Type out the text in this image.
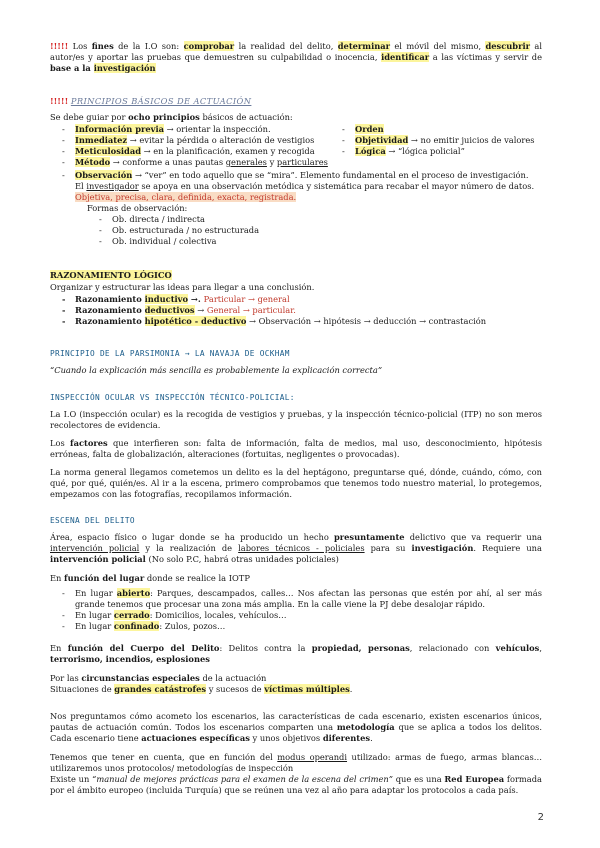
!!!!! Los fines de la I.O son: comprobar la realidad del delito, determinar el móvil del mismo, descubrir al autor/es y aportar las pruebas que demuestren su culpabilidad o inocencia, identificar a las víctimas y servir de base a la investigación

!!!!! PRINCIPIOS BÁSICOS DE ACTUACIÓN

Se debe guiar por ocho principios básicos de actuación:

- Información previa → orientar la inspección.
- Inmediatez → evitar la pérdida o alteración de vestigios
- Meticulosidad → en la planificación, examen y recogida
- Método → conforme a unas pautas generales y particulares
- Orden
- Objetividad → no emitir juicios de valores
- Lógica → “lógica policial”

- Observación → “ver” en todo aquello que se “mira”. Elemento fundamental en el proceso de investigación.

El investigador se apoya en una observación metódica y sistemática para recabar el mayor número de datos.

Objetiva, precisa, clara, definida, exacta, registrada.

Formas de observación:

- Ob. directa / indirecta
- Ob. estructurada / no estructurada
- Ob. individual / colectiva

RAZONAMIENTO LÓGICO

Organizar y estructurar las ideas para llegar a una conclusión.

- Razonamiento inductivo →. Particular → general
- Razonamiento deductivos → General → particular.
- Razonamiento hipotético - deductivo → Observación → hipótesis → deducción → contrastación

PRINCIPIO DE LA PARSIMONIA → LA NAVAJA DE OCKHAM

“Cuando la explicación más sencilla es probablemente la explicación correcta”

INSPECCIÓN OCULAR VS INSPECCIÓN TÉCNICO-POLICIAL:

La I.O (inspección ocular) es la recogida de vestigios y pruebas, y la inspección técnico-policial (ITP) no son meros recolectores de evidencia.

Los factores que interfieren son: falta de información, falta de medios, mal uso, desconocimiento, hipótesis erróneas, falta de globalización, alteraciones (fortuitas, negligentes o provocadas).

La norma general llegamos cometemos un delito es la del heptágono, preguntarse qué, dónde, cuándo, cómo, con qué, por qué, quién/es. Al ir a la escena, primero comprobamos que tenemos todo nuestro material, lo protegemos, empezamos con las fotografías, recopilamos información.

ESCENA DEL DELITO

Área, espacio físico o lugar donde se ha producido un hecho presuntamente delictivo que va requerir una intervención policial y la realización de labores técnicos - policiales para su investigación. Requiere una intervención policial (No solo P.C, habrá otras unidades policiales)

En función del lugar donde se realice la IOTP

-	En lugar abierto: Parques, descampados, calles… Nos afectan las personas que estén por ahí, al ser más grande tenemos que procesar una zona más amplia. En la calle viene la PJ debe desalojar rápido.
-	En lugar cerrado: Domicilios, locales, vehículos…
-	En lugar confinado: Zulos, pozos…

En función del Cuerpo del Delito: Delitos contra la propiedad, personas, relacionado con vehículos, terrorismo, incendios, esplosiones

Por las circunstancias especiales de la actuación

Situaciones de grandes catástrofes y sucesos de víctimas múltiples.

Nos preguntamos cómo acometo los escenarios, las características de cada escenario, existen escenarios únicos, pautas de actuación común. Todos los escenarios comparten una metodología que se aplica a todos los delitos. Cada escenario tiene actuaciones específicas y unos objetivos diferentes.

Tenemos que tener en cuenta, que en función del modus operandi utilizado: armas de fuego, armas blancas… utilizaremos unos protocolos/ metodologías de inspección

Existe un “manual de mejores prácticas para el examen de la escena del crimen” que es una Red Europea formada por el ámbito europeo (incluida Turquía) que se reúnen una vez al año para adaptar los protocolos a cada país.

2
